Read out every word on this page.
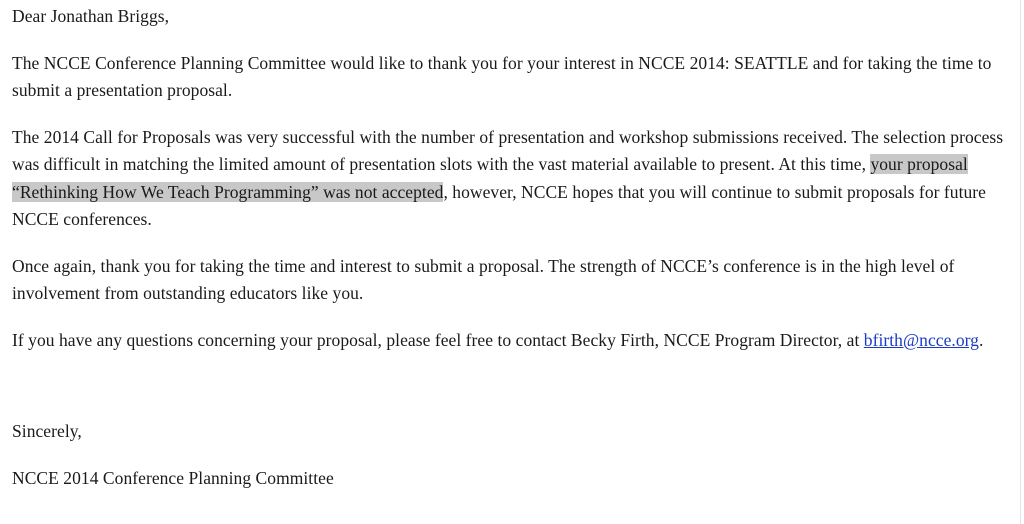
Dear Jonathan Briggs,

The NCCE Conference Planning Committee would like to thank you for your interest in NCCE 2014: SEATTLE and for taking the time to submit a presentation proposal.

The 2014 Call for Proposals was very successful with the number of presentation and workshop submissions received. The selection process was difficult in matching the limited amount of presentation slots with the vast material available to present. At this time, your proposal “Rethinking How We Teach Programming” was not accepted, however, NCCE hopes that you will continue to submit proposals for future NCCE conferences.

Once again, thank you for taking the time and interest to submit a proposal. The strength of NCCE’s conference is in the high level of involvement from outstanding educators like you.

If you have any questions concerning your proposal, please feel free to contact Becky Firth, NCCE Program Director, at bfirth@ncce.org.

Sincerely,

NCCE 2014 Conference Planning Committee
